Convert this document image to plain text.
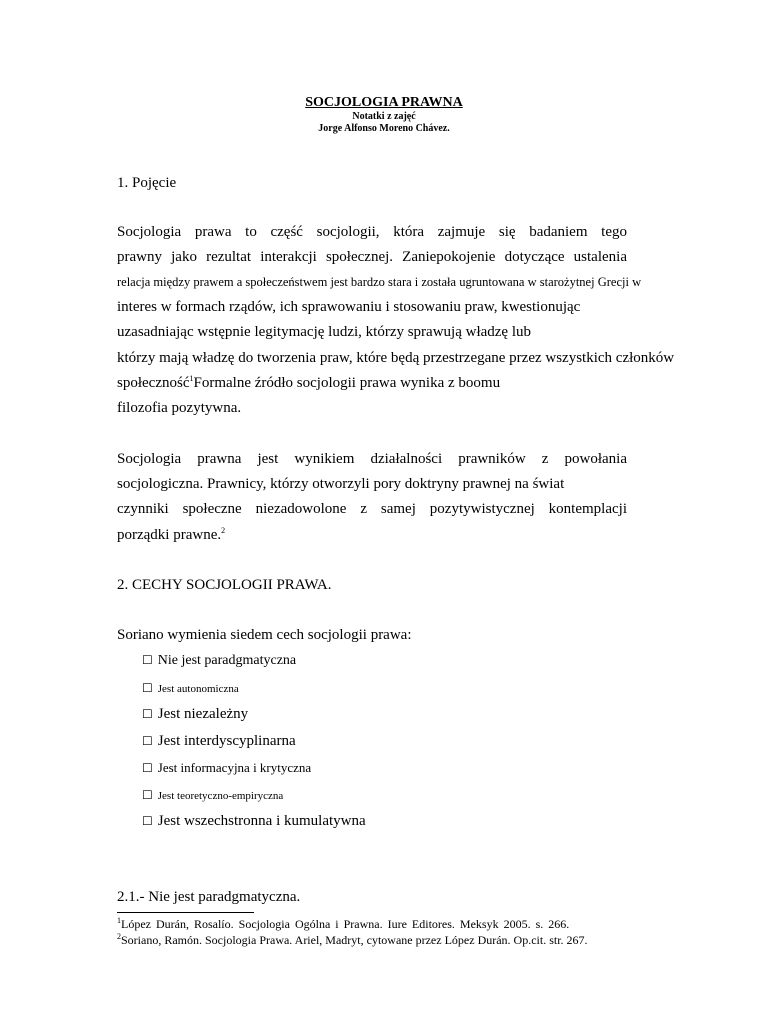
SOCJOLOGIA PRAWNA
Notatki z zajęć
Jorge Alfonso Moreno Chávez.
1. Pojęcie
Socjologia prawa to część socjologii, która zajmuje się badaniem tego
prawny jako rezultat interakcji społecznej. Zaniepokojenie dotyczące ustalenia
relacja między prawem a społeczeństwem jest bardzo stara i została ugruntowana w starożytnej Grecji w
interes w formach rządów, ich sprawowaniu i stosowaniu praw, kwestionując
uzasadniając wstępnie legitymację ludzi, którzy sprawują władzę lub
którzy mają władzę do tworzenia praw, które będą przestrzegane przez wszystkich członków
społeczność$^1$Formalne źródło socjologii prawa wynika z boomu
filozofia pozytywna.
Socjologia prawna jest wynikiem działalności prawników z powołania
socjologiczna. Prawnicy, którzy otworzyli pory doktryny prawnej na świat
czynniki społeczne niezadowolone z samej pozytywistycznej kontemplacji
porządki prawne.$^2$
2. CECHY SOCJOLOGII PRAWA.
Soriano wymienia siedem cech socjologii prawa:
☐ Nie jest paradgmatyczna
☐ Jest autonomiczna
☐ Jest niezależny
☐ Jest interdyscyplinarna
☐ Jest informacyjna i krytyczna
☐ Jest teoretyczno-empiryczna
☐ Jest wszechstronna i kumulatywna
2.1.- Nie jest paradgmatyczna.
$^1$López Durán, Rosalío. Socjologia Ogólna i Prawna. Iure Editores. Meksyk 2005. s. 266.
$^2$Soriano, Ramón. Socjologia Prawa. Ariel, Madryt, cytowane przez López Durán. Op.cit. str. 267.
